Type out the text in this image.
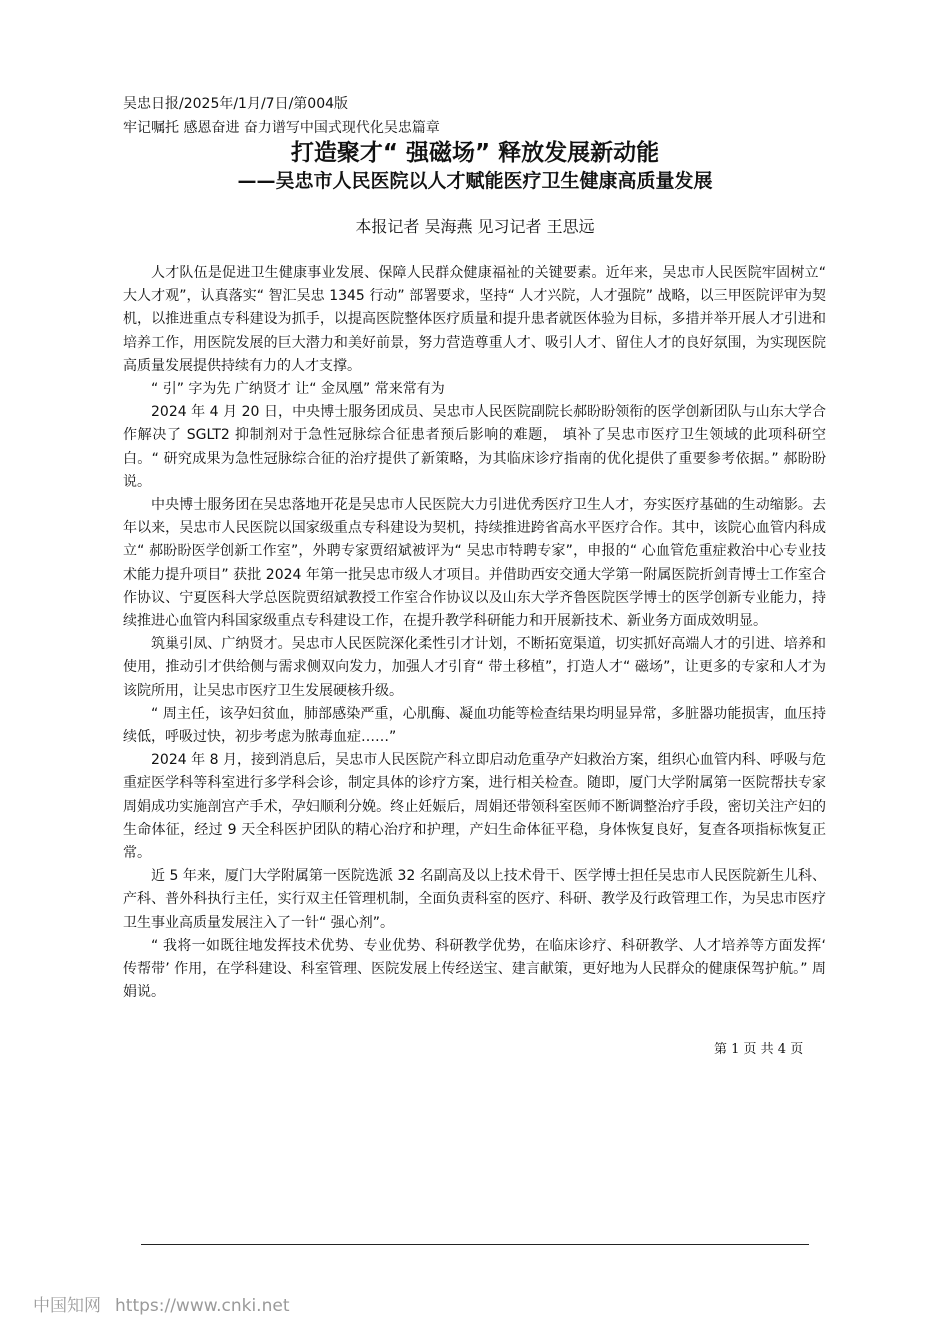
吴忠日报/2025年/1月/7日/第004版
牢记嘱托 感恩奋进 奋力谱写中国式现代化吴忠篇章
打造聚才“ 强磁场” 释放发展新动能
——吴忠市人民医院以人才赋能医疗卫生健康高质量发展
本报记者 吴海燕 见习记者 王思远

人才队伍是促进卫生健康事业发展、保障人民群众健康福祉的关键要素。近年来，吴忠市人民医院牢固树立“ 大人才观”，认真落实“ 智汇吴忠 1345 行动” 部署要求，坚持“ 人才兴院，人才强院” 战略，以三甲医院评审为契机，以推进重点专科建设为抓手，以提高医院整体医疗质量和提升患者就医体验为目标，多措并举开展人才引进和培养工作，用医院发展的巨大潜力和美好前景，努力营造尊重人才、吸引人才、留住人才的良好氛围，为实现医院高质量发展提供持续有力的人才支撑。

“ 引” 字为先 广纳贤才 让“ 金凤凰” 常来常有为

2024 年 4 月 20 日，中央博士服务团成员、吴忠市人民医院副院长郝盼盼领衔的医学创新团队与山东大学合作解决了 SGLT2 抑制剂对于急性冠脉综合征患者预后影响的难题， 填补了吴忠市医疗卫生领域的此项科研空白。“ 研究成果为急性冠脉综合征的治疗提供了新策略，为其临床诊疗指南的优化提供了重要参考依据。” 郝盼盼说。

中央博士服务团在吴忠落地开花是吴忠市人民医院大力引进优秀医疗卫生人才，夯实医疗基础的生动缩影。去年以来，吴忠市人民医院以国家级重点专科建设为契机，持续推进跨省高水平医疗合作。其中，该院心血管内科成立“ 郝盼盼医学创新工作室”，外聘专家贾绍斌被评为“ 吴忠市特聘专家”，申报的“ 心血管危重症救治中心专业技术能力提升项目” 获批 2024 年第一批吴忠市级人才项目。并借助西安交通大学第一附属医院折剑青博士工作室合作协议、宁夏医科大学总医院贾绍斌教授工作室合作协议以及山东大学齐鲁医院医学博士的医学创新专业能力，持续推进心血管内科国家级重点专科建设工作，在提升教学科研能力和开展新技术、新业务方面成效明显。

筑巢引凤、广纳贤才。吴忠市人民医院深化柔性引才计划，不断拓宽渠道，切实抓好高端人才的引进、培养和使用，推动引才供给侧与需求侧双向发力，加强人才引育“ 带土移植”，打造人才“ 磁场”，让更多的专家和人才为该院所用，让吴忠市医疗卫生发展硬核升级。

“ 周主任，该孕妇贫血，肺部感染严重，心肌酶、凝血功能等检查结果均明显异常，多脏器功能损害，血压持续低，呼吸过快，初步考虑为脓毒血症……”

2024 年 8 月，接到消息后，吴忠市人民医院产科立即启动危重孕产妇救治方案，组织心血管内科、呼吸与危重症医学科等科室进行多学科会诊，制定具体的诊疗方案，进行相关检查。随即，厦门大学附属第一医院帮扶专家周娟成功实施剖宫产手术，孕妇顺利分娩。终止妊娠后，周娟还带领科室医师不断调整治疗手段，密切关注产妇的生命体征，经过 9 天全科医护团队的精心治疗和护理，产妇生命体征平稳，身体恢复良好，复查各项指标恢复正常。

近 5 年来，厦门大学附属第一医院选派 32 名副高及以上技术骨干、医学博士担任吴忠市人民医院新生儿科、产科、普外科执行主任，实行双主任管理机制，全面负责科室的医疗、科研、教学及行政管理工作，为吴忠市医疗卫生事业高质量发展注入了一针“ 强心剂”。

“ 我将一如既往地发挥技术优势、专业优势、科研教学优势，在临床诊疗、科研教学、人才培养等方面发挥‘ 传帮带’ 作用，在学科建设、科室管理、医院发展上传经送宝、建言献策，更好地为人民群众的健康保驾护航。” 周娟说。

第 1 页 共 4 页
中国知网 https://www.cnki.net
